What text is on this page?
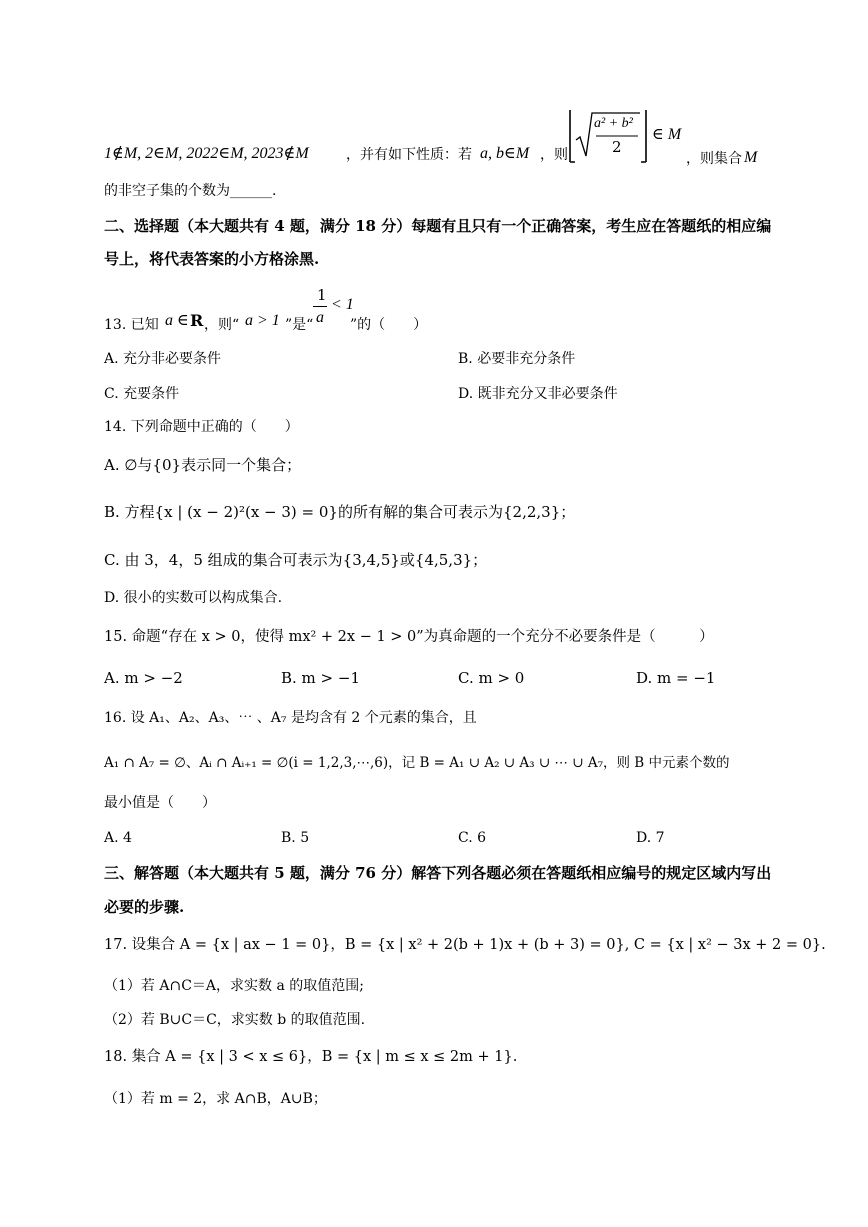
1∉M, 2∈M, 2022∈M, 2023∉M	，并有如下性质：若 a, b∈M ，则
a² + b²
2
∈ M
，则集合 M
的非空子集的个数为______.
二、选择题（本大题共有 4 题，满分 18 分）每题有且只有一个正确答案，考生应在答题纸的相应编
号上，将代表答案的小方格涂黑.
13. 已知 a ∈ R ，则“ a > 1 ”是“
1
a
< 1
”的（　　）
A. 充分非必要条件	B. 必要非充分条件
C. 充要条件	D. 既非充分又非必要条件
14. 下列命题中正确的（　　）
A. ∅与{0}表示同一个集合；
B. 方程{x | (x − 2)²(x − 3) = 0}的所有解的集合可表示为{2,2,3}；
C. 由 3，4，5 组成的集合可表示为{3,4,5}或{4,5,3}；
D. 很小的实数可以构成集合.
15. 命题“存在 x > 0，使得 mx² + 2x − 1 > 0”为真命题的一个充分不必要条件是（　　　）
A. m > −2	B. m > −1	C. m > 0	D. m = −1
16. 设 A₁、A₂、A₃、⋯ 、A₇ 是均含有 2 个元素的集合，且
A₁ ∩ A₇ = ∅、Aᵢ ∩ Aᵢ₊₁ = ∅(i = 1,2,3,⋯,6)，记 B = A₁ ∪ A₂ ∪ A₃ ∪ ⋯ ∪ A₇，则 B 中元素个数的
最小值是（　　）
A. 4	B. 5	C. 6	D. 7
三、解答题（本大题共有 5 题，满分 76 分）解答下列各题必须在答题纸相应编号的规定区域内写出
必要的步骤.
17. 设集合 A = {x | ax − 1 = 0}，B = {x | x² + 2(b + 1)x + (b + 3) = 0}, C = {x | x² − 3x + 2 = 0}.
（1）若 A∩C＝A，求实数 a 的取值范围;
（2）若 B∪C＝C，求实数 b 的取值范围.
18. 集合 A = {x | 3 < x ≤ 6}，B = {x | m ≤ x ≤ 2m + 1}.
（1）若 m = 2，求 A∩B，A∪B；
